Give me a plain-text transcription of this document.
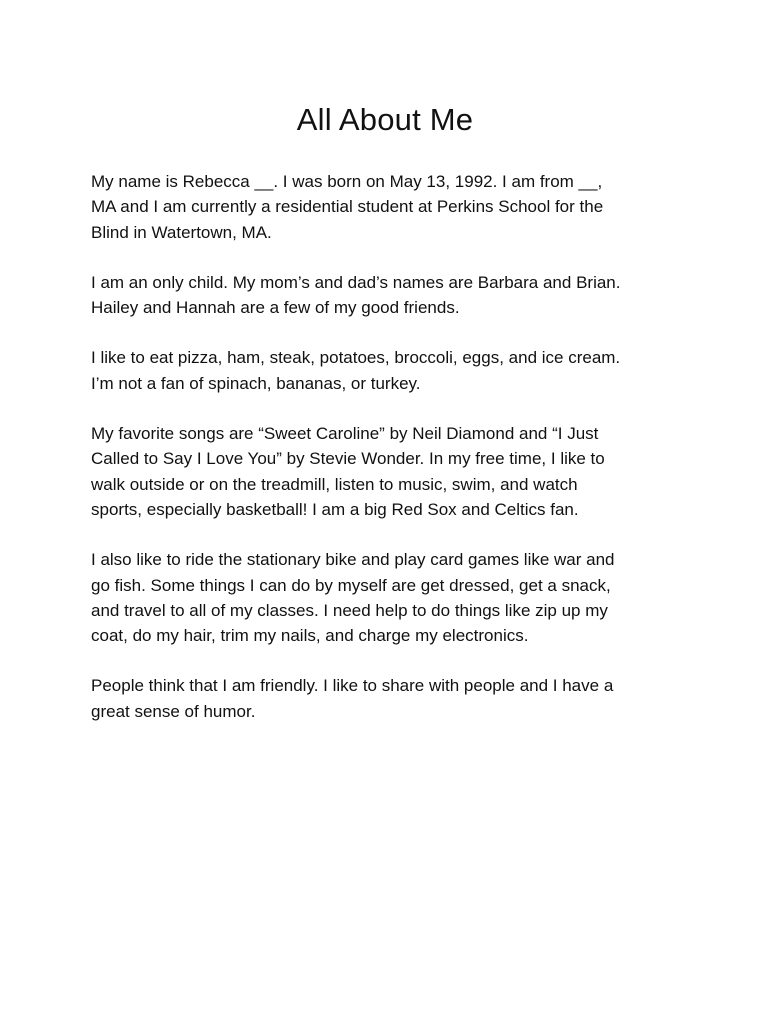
All About Me

My name is Rebecca __. I was born on May 13, 1992. I am from __,
MA and I am currently a residential student at Perkins School for the
Blind in Watertown, MA.

I am an only child. My mom’s and dad’s names are Barbara and Brian.
Hailey and Hannah are a few of my good friends.

I like to eat pizza, ham, steak, potatoes, broccoli, eggs, and ice cream.
I’m not a fan of spinach, bananas, or turkey.

My favorite songs are “Sweet Caroline” by Neil Diamond and “I Just
Called to Say I Love You” by Stevie Wonder. In my free time, I like to
walk outside or on the treadmill, listen to music, swim, and watch
sports, especially basketball! I am a big Red Sox and Celtics fan.

I also like to ride the stationary bike and play card games like war and
go fish. Some things I can do by myself are get dressed, get a snack,
and travel to all of my classes. I need help to do things like zip up my
coat, do my hair, trim my nails, and charge my electronics.

People think that I am friendly. I like to share with people and I have a
great sense of humor.
